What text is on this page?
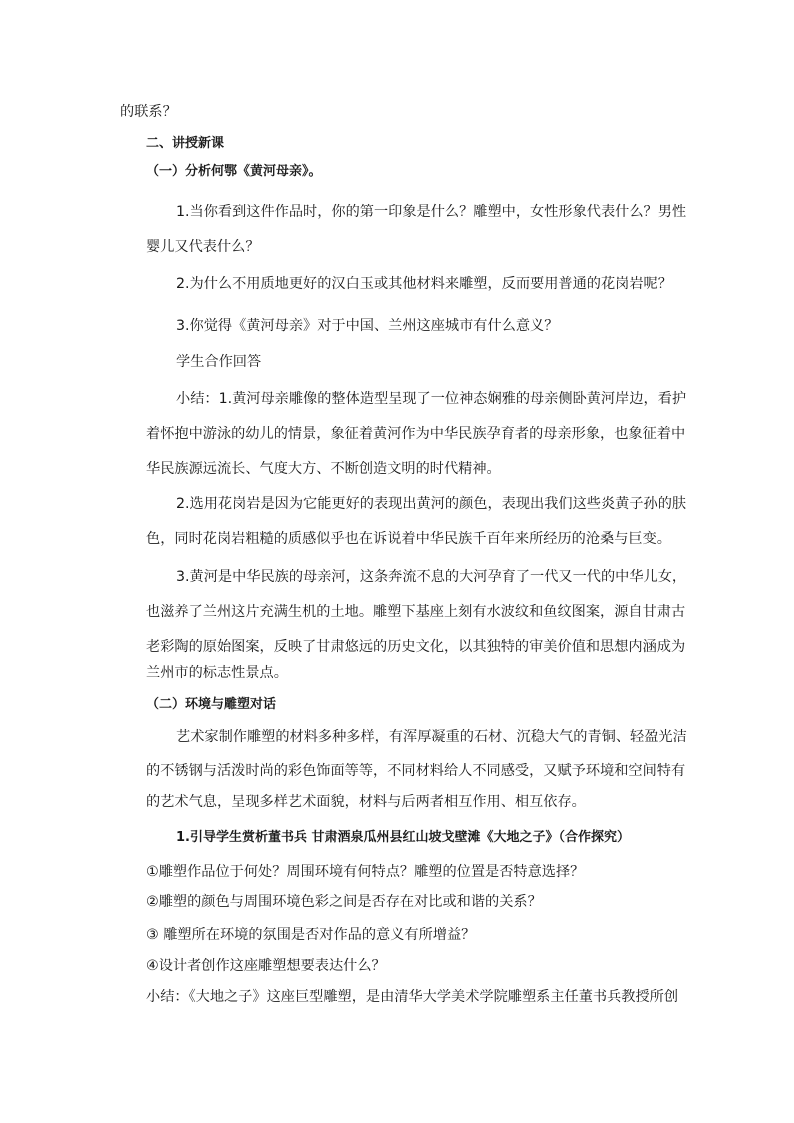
的联系？
二、讲授新课
（一）分析何鄂《黄河母亲》。
1.当你看到这件作品时，你的第一印象是什么？雕塑中，女性形象代表什么？男性
婴儿又代表什么？
2.为什么不用质地更好的汉白玉或其他材料来雕塑，反而要用普通的花岗岩呢？
3.你觉得《黄河母亲》对于中国、兰州这座城市有什么意义？
学生合作回答
小结：1.黄河母亲雕像的整体造型呈现了一位神态娴雅的母亲侧卧黄河岸边，看护
着怀抱中游泳的幼儿的情景，象征着黄河作为中华民族孕育者的母亲形象，也象征着中
华民族源远流长、气度大方、不断创造文明的时代精神。
2.选用花岗岩是因为它能更好的表现出黄河的颜色，表现出我们这些炎黄子孙的肤
色，同时花岗岩粗糙的质感似乎也在诉说着中华民族千百年来所经历的沧桑与巨变。
3.黄河是中华民族的母亲河，这条奔流不息的大河孕育了一代又一代的中华儿女，
也滋养了兰州这片充满生机的土地。雕塑下基座上刻有水波纹和鱼纹图案，源自甘肃古
老彩陶的原始图案，反映了甘肃悠远的历史文化，以其独特的审美价值和思想内涵成为
兰州市的标志性景点。
（二）环境与雕塑对话
艺术家制作雕塑的材料多种多样，有浑厚凝重的石材、沉稳大气的青铜、轻盈光洁
的不锈钢与活泼时尚的彩色饰面等等，不同材料给人不同感受，又赋予环境和空间特有
的艺术气息，呈现多样艺术面貌，材料与后两者相互作用、相互依存。
1.引导学生赏析董书兵 甘肃酒泉瓜州县红山坡戈壁滩《大地之子》（合作探究）
①雕塑作品位于何处？周围环境有何特点？雕塑的位置是否特意选择？
②雕塑的颜色与周围环境色彩之间是否存在对比或和谐的关系？
③ 雕塑所在环境的氛围是否对作品的意义有所增益？
④设计者创作这座雕塑想要表达什么？
小结：《大地之子》这座巨型雕塑，是由清华大学美术学院雕塑系主任董书兵教授所创
